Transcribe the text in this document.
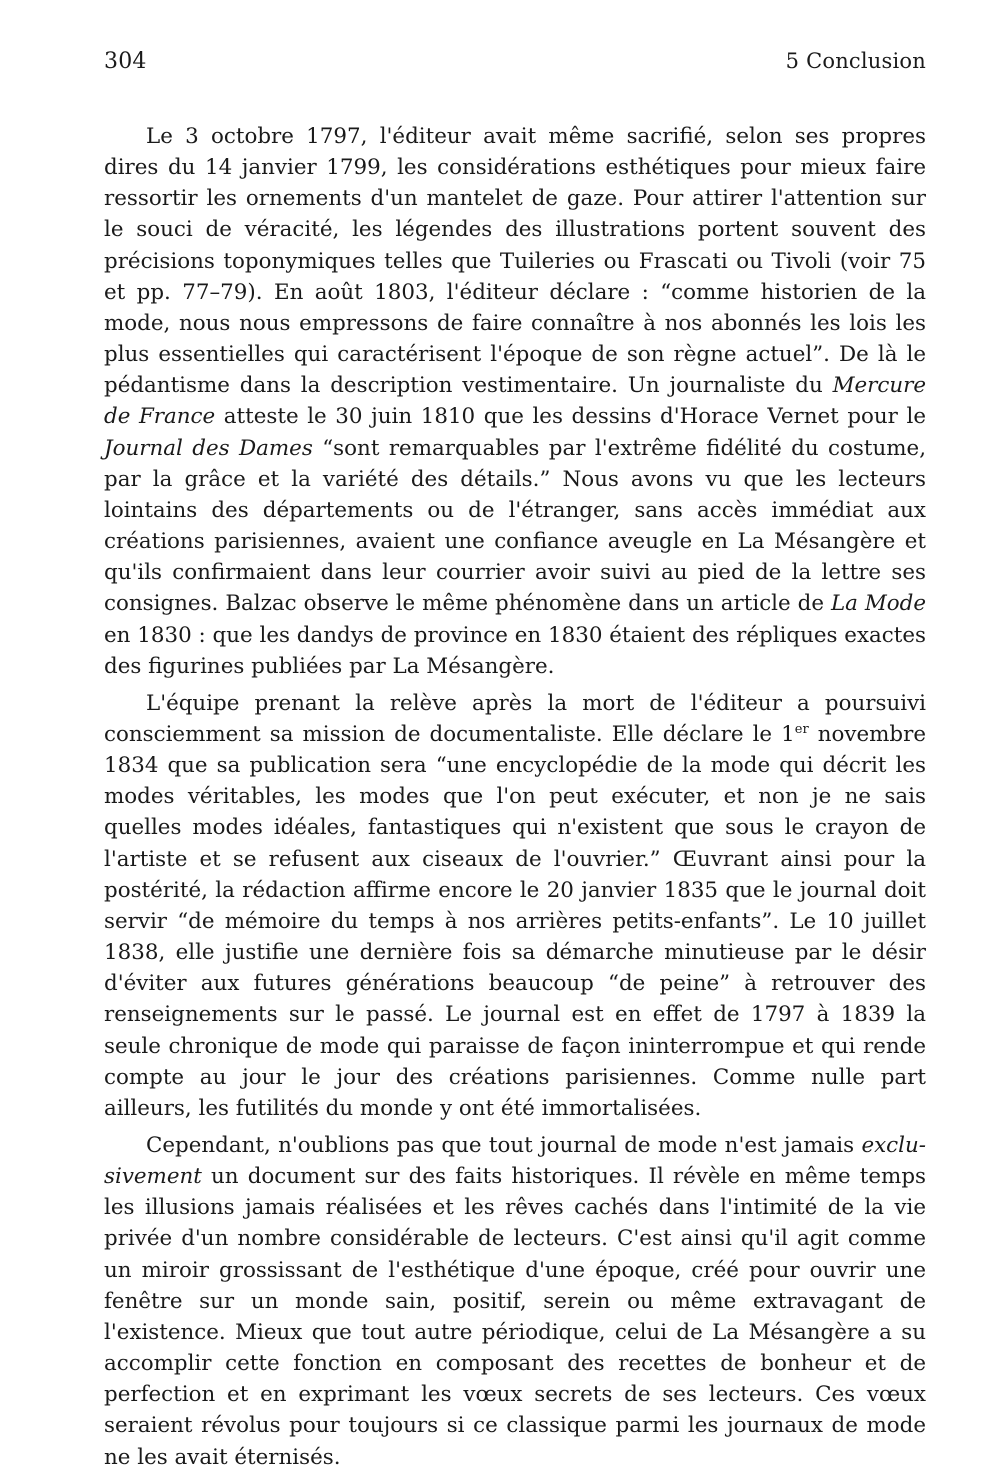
304	5 Conclusion

Le 3 octobre 1797, l'éditeur avait même sacrifié, selon ses propres dires du 14 janvier 1799, les considérations esthétiques pour mieux faire ressortir les ornements d'un mantelet de gaze. Pour attirer l'attention sur le souci de véracité, les légendes des illustrations portent souvent des précisions toponymiques telles que Tuileries ou Frascati ou Tivoli (voir 75 et pp. 77–79). En août 1803, l'éditeur déclare : “comme historien de la mode, nous nous empressons de faire connaître à nos abonnés les lois les plus essentielles qui caractérisent l'époque de son règne actuel”. De là le pédantisme dans la description vestimentaire. Un journaliste du Mercure de France atteste le 30 juin 1810 que les dessins d'Horace Vernet pour le Journal des Dames “sont remarquables par l'extrême fidélité du costume, par la grâce et la variété des détails.” Nous avons vu que les lecteurs lointains des départements ou de l'étranger, sans accès immédiat aux créations parisiennes, avaient une confiance aveugle en La Mésangère et qu'ils confirmaient dans leur courrier avoir suivi au pied de la lettre ses consignes. Balzac observe le même phénomène dans un article de La Mode en 1830 : que les dandys de province en 1830 étaient des répliques exactes des figurines publiées par La Mésangère.

L'équipe prenant la relève après la mort de l'éditeur a poursuivi consciemment sa mission de documentaliste. Elle déclare le 1er novembre 1834 que sa publication sera “une encyclopédie de la mode qui décrit les modes véritables, les modes que l'on peut exécuter, et non je ne sais quelles modes idéales, fantastiques qui n'existent que sous le crayon de l'artiste et se refusent aux ciseaux de l'ouvrier.” Œuvrant ainsi pour la postérité, la rédaction affirme encore le 20 janvier 1835 que le journal doit servir “de mémoire du temps à nos arrières petits-enfants”. Le 10 juillet 1838, elle justifie une dernière fois sa démarche minutieuse par le désir d'éviter aux futures générations beaucoup “de peine” à retrouver des renseignements sur le passé. Le journal est en effet de 1797 à 1839 la seule chronique de mode qui paraisse de façon ininterrompue et qui rende compte au jour le jour des créations parisiennes. Comme nulle part ailleurs, les futilités du monde y ont été immortalisées.

Cependant, n'oublions pas que tout journal de mode n'est jamais exclusivement un document sur des faits historiques. Il révèle en même temps les illusions jamais réalisées et les rêves cachés dans l'intimité de la vie privée d'un nombre considérable de lecteurs. C'est ainsi qu'il agit comme un miroir grossissant de l'esthétique d'une époque, créé pour ouvrir une fenêtre sur un monde sain, positif, serein ou même extravagant de l'existence. Mieux que tout autre périodique, celui de La Mésangère a su accomplir cette fonction en composant des recettes de bonheur et de perfection et en exprimant les vœux secrets de ses lecteurs. Ces vœux seraient révolus pour toujours si ce classique parmi les journaux de mode ne les avait éternisés.
